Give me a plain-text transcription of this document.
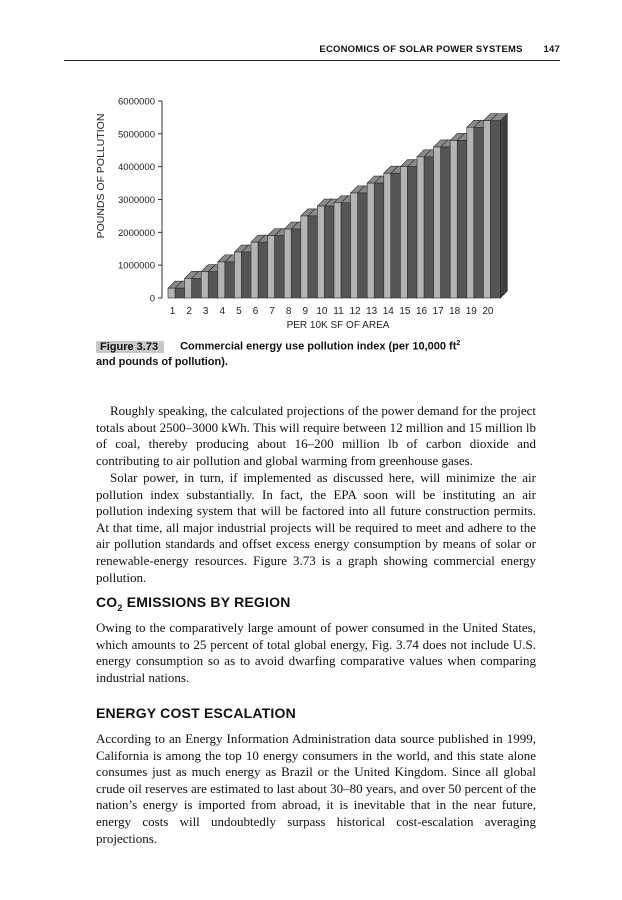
ECONOMICS OF SOLAR POWER SYSTEMS 147
POUNDS OF POLLUTION
0
1000000
2000000
3000000
4000000
5000000
6000000
1 2 3 4 5 6 7 8 9 10 11 12 13 14 15 16 17 18 19 20
PER 10K SF OF AREA
Figure 3.73 Commercial energy use pollution index (per 10,000 $ft^2$
and pounds of pollution).

Roughly speaking, the calculated projections of the power demand for the project totals about 2500–3000 kWh. This will require between 12 million and 15 million lb of coal, thereby producing about 16–200 million lb of carbon dioxide and contributing to air pollution and global warming from greenhouse gases.

Solar power, in turn, if implemented as discussed here, will minimize the air pollution index substantially. In fact, the EPA soon will be instituting an air pollution indexing system that will be factored into all future construction permits. At that time, all major industrial projects will be required to meet and adhere to the air pollution standards and offset excess energy consumption by means of solar or renewable-energy resources. Figure 3.73 is a graph showing commercial energy pollution.

$CO_2$ EMISSIONS BY REGION

Owing to the comparatively large amount of power consumed in the United States, which amounts to 25 percent of total global energy, Fig. 3.74 does not include U.S. energy consumption so as to avoid dwarfing comparative values when comparing industrial nations.

ENERGY COST ESCALATION

According to an Energy Information Administration data source published in 1999, California is among the top 10 energy consumers in the world, and this state alone consumes just as much energy as Brazil or the United Kingdom. Since all global crude oil reserves are estimated to last about 30–80 years, and over 50 percent of the nation’s energy is imported from abroad, it is inevitable that in the near future, energy costs will undoubtedly surpass historical cost-escalation averaging projections.
